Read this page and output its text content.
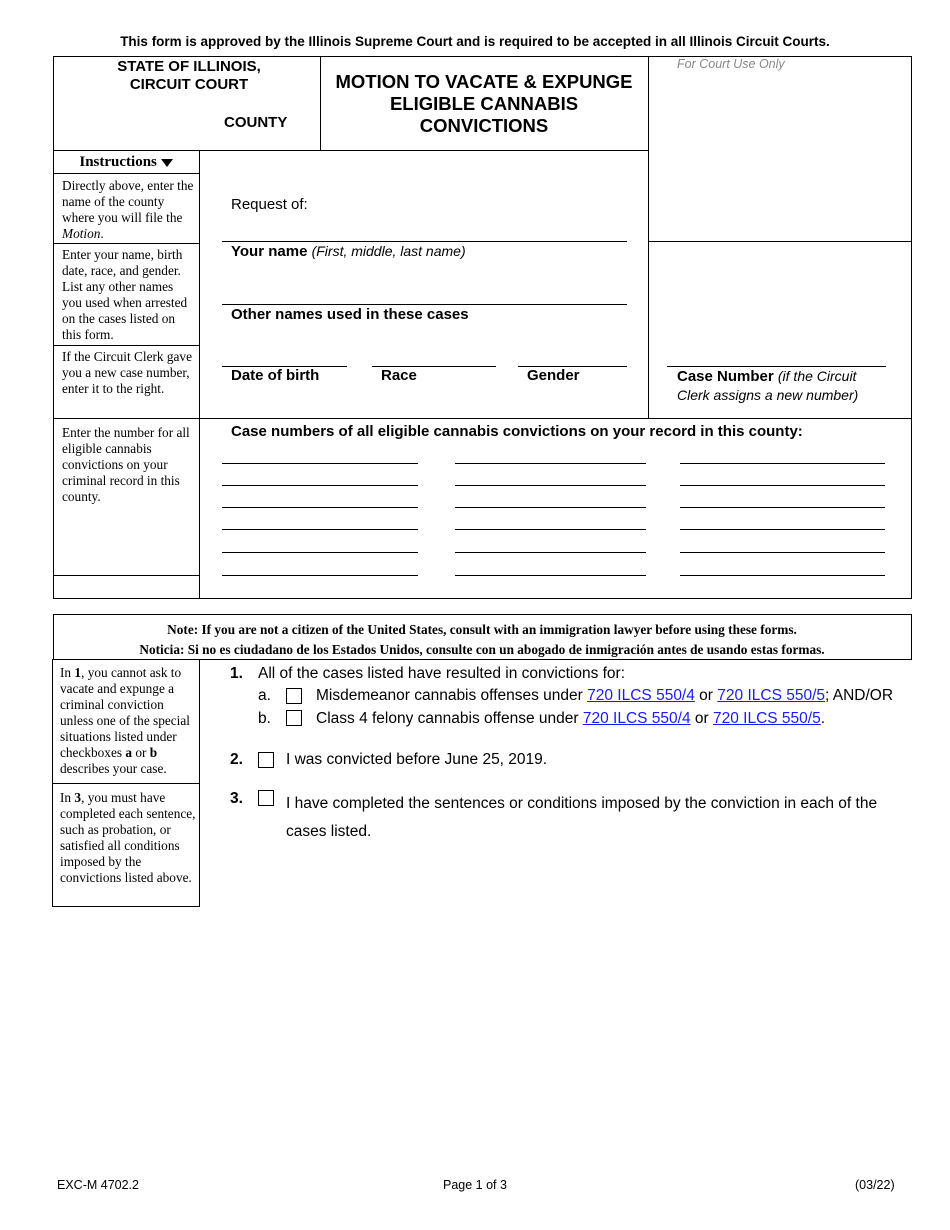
This form is approved by the Illinois Supreme Court and is required to be accepted in all Illinois Circuit Courts.
STATE OF ILLINOIS,
CIRCUIT COURT
COUNTY
MOTION TO VACATE & EXPUNGE
ELIGIBLE CANNABIS
CONVICTIONS
For Court Use Only
Instructions
Directly above, enter the name of the county where you will file the Motion.
Enter your name, birth date, race, and gender. List any other names you used when arrested on the cases listed on this form.
If the Circuit Clerk gave you a new case number, enter it to the right.
Enter the number for all eligible cannabis convictions on your criminal record in this county.
Request of:
Your name (First, middle, last name)
Other names used in these cases
Date of birth	Race	Gender	Case Number (if the Circuit
Clerk assigns a new number)
Case numbers of all eligible cannabis convictions on your record in this county:
Note: If you are not a citizen of the United States, consult with an immigration lawyer before using these forms.
Noticia: Si no es ciudadano de los Estados Unidos, consulte con un abogado de inmigración antes de usando estas formas.
In 1, you cannot ask to vacate and expunge a criminal conviction unless one of the special situations listed under checkboxes a or b describes your case.
In 3, you must have completed each sentence, such as probation, or satisfied all conditions imposed by the convictions listed above.
1. All of the cases listed have resulted in convictions for:
a.	Misdemeanor cannabis offenses under 720 ILCS 550/4 or 720 ILCS 550/5; AND/OR
b.	Class 4 felony cannabis offense under 720 ILCS 550/4 or 720 ILCS 550/5.
2.	I was convicted before June 25, 2019.
3.	I have completed the sentences or conditions imposed by the conviction in each of the
cases listed.
EXC-M 4702.2	Page 1 of 3	(03/22)
